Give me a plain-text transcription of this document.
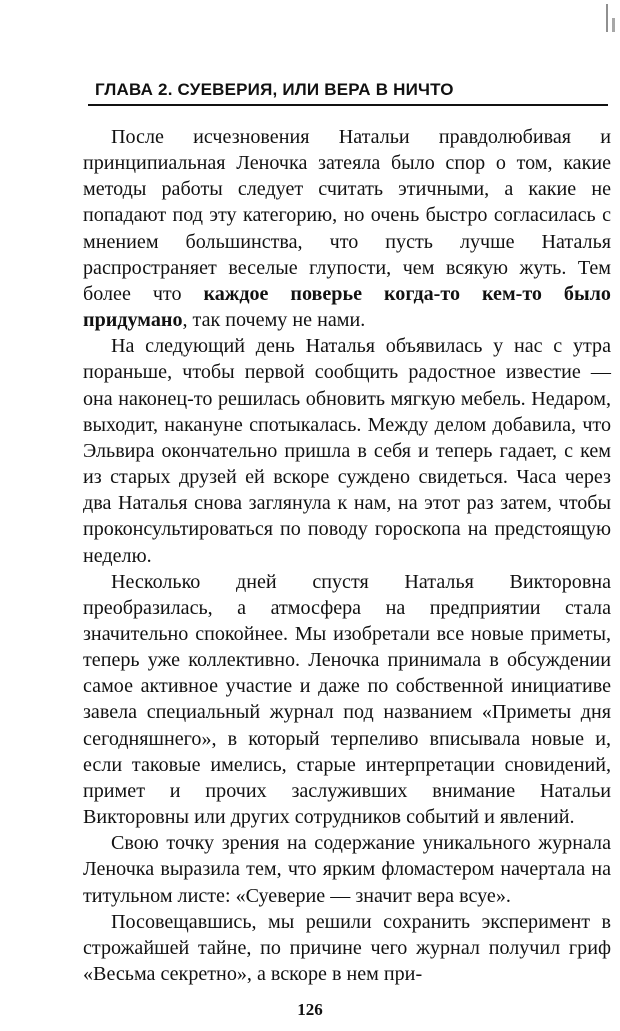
ГЛАВА 2. СУЕВЕРИЯ, ИЛИ ВЕРА В НИЧТО

После исчезновения Натальи правдолюбивая и принципиальная Леночка затеяла было спор о том, какие методы работы следует считать этичными, а какие не попадают под эту категорию, но очень быстро согласилась с мнением большинства, что пусть лучше Наталья распространяет веселые глупости, чем всякую жуть. Тем более что каждое поверье когда-то кем-то было придумано, так почему не нами.

На следующий день Наталья объявилась у нас с утра пораньше, чтобы первой сообщить радостное известие — она наконец-то решилась обновить мягкую мебель. Недаром, выходит, накануне спотыкалась. Между делом добавила, что Эльвира окончательно пришла в себя и теперь гадает, с кем из старых друзей ей вскоре суждено свидеться. Часа через два Наталья снова заглянула к нам, на этот раз затем, чтобы проконсультироваться по поводу гороскопа на предстоящую неделю.

Несколько дней спустя Наталья Викторовна преобразилась, а атмосфера на предприятии стала значительно спокойнее. Мы изобретали все новые приметы, теперь уже коллективно. Леночка принимала в обсуждении самое активное участие и даже по собственной инициативе завела специальный журнал под названием «Приметы дня сегодняшнего», в который терпеливо вписывала новые и, если таковые имелись, старые интерпретации сновидений, примет и прочих заслуживших внимание Натальи Викторовны или других сотрудников событий и явлений.

Свою точку зрения на содержание уникального журнала Леночка выразила тем, что ярким фломастером начертала на титульном листе: «Суеверие — значит вера всуе».

Посовещавшись, мы решили сохранить эксперимент в строжайшей тайне, по причине чего журнал получил гриф «Весьма секретно», а вскоре в нем при-

126
